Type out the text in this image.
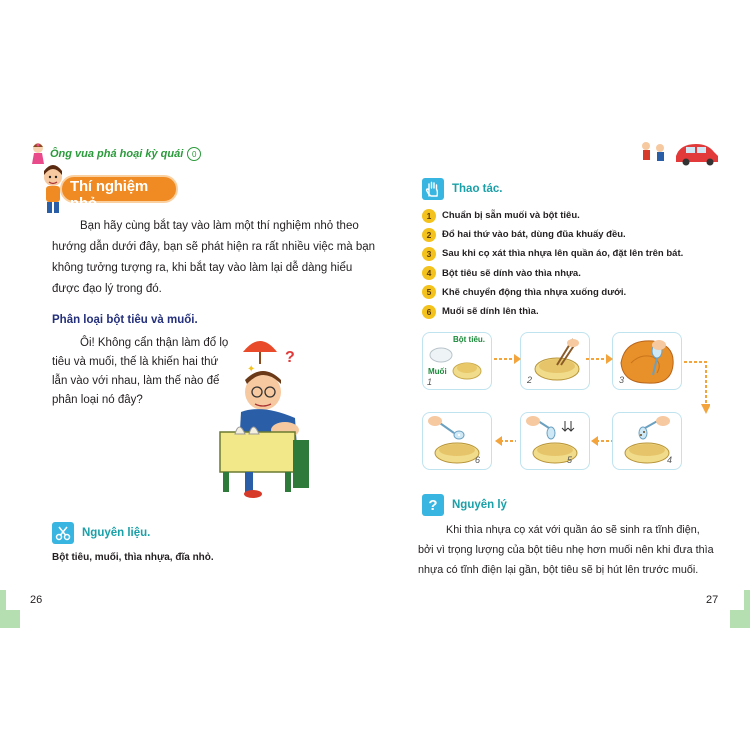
Ông vua phá hoại kỳ quái	0
Thí nghiệm nhỏ

Bạn hãy cùng bắt tay vào làm một thí nghiệm nhỏ theo hướng dẫn dưới đây, bạn sẽ phát hiện ra rất nhiều việc mà bạn không tưởng tượng ra, khi bắt tay vào làm lại dễ dàng hiểu được đạo lý trong đó.

Phân loại bột tiêu và muối.

Ôi! Không cẩn thận làm đổ lọ tiêu và muối, thế là khiến hai thứ lẫn vào với nhau, làm thế nào để phân loại nó đây?

?
✦
Nguyên liệu.
Bột tiêu, muối, thìa nhựa, đĩa nhỏ.
26
Thao tác.
1	Chuẩn bị sẵn muối và bột tiêu.
2	Đổ hai thứ vào bát, dùng đũa khuấy đều.
3	Sau khi cọ xát thìa nhựa lên quần áo, đặt lên trên bát.
4	Bột tiêu sẽ dính vào thìa nhựa.
5	Khẽ chuyển động thìa nhựa xuống dưới.
6	Muối sẽ dính lên thìa.
Bột tiêu.
Muối
1	2	3
4
5
6
?	Nguyên lý

Khi thìa nhựa cọ xát với quần áo sẽ sinh ra tĩnh điện, bởi vì trọng lượng của bột tiêu nhẹ hơn muối nên khi đưa thìa nhựa có tĩnh điện lại gần, bột tiêu sẽ bị hút lên trước muối.

27
